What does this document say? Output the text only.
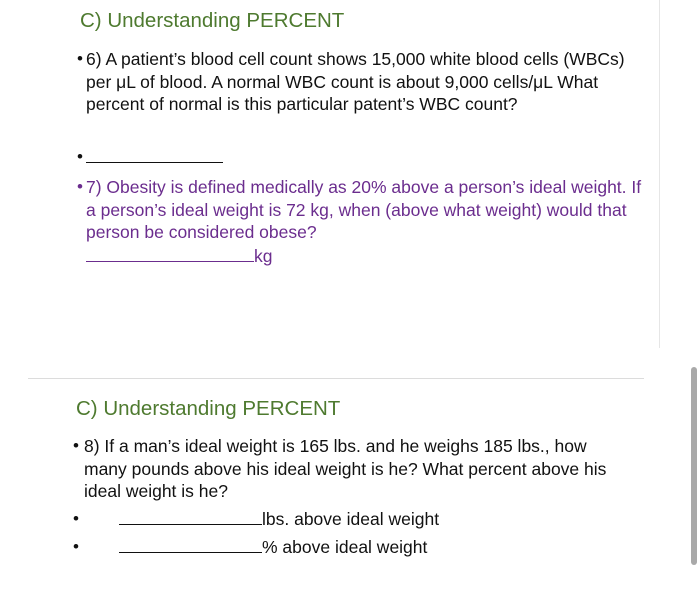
C) Understanding PERCENT
• 6) A patient’s blood cell count shows 15,000 white blood cells (WBCs) per μL of blood. A normal WBC count is about 9,000 cells/μL What percent of normal is this particular patent’s WBC count?
•
• 7) Obesity is defined medically as 20% above a person’s ideal weight. If a person’s ideal weight is 72 kg, when (above what weight) would that person be considered obese?
kg
C) Understanding PERCENT
• 8) If a man’s ideal weight is 165 lbs. and he weighs 185 lbs., how many pounds above his ideal weight is he? What percent above his ideal weight is he?
•	lbs. above ideal weight
•	% above ideal weight
